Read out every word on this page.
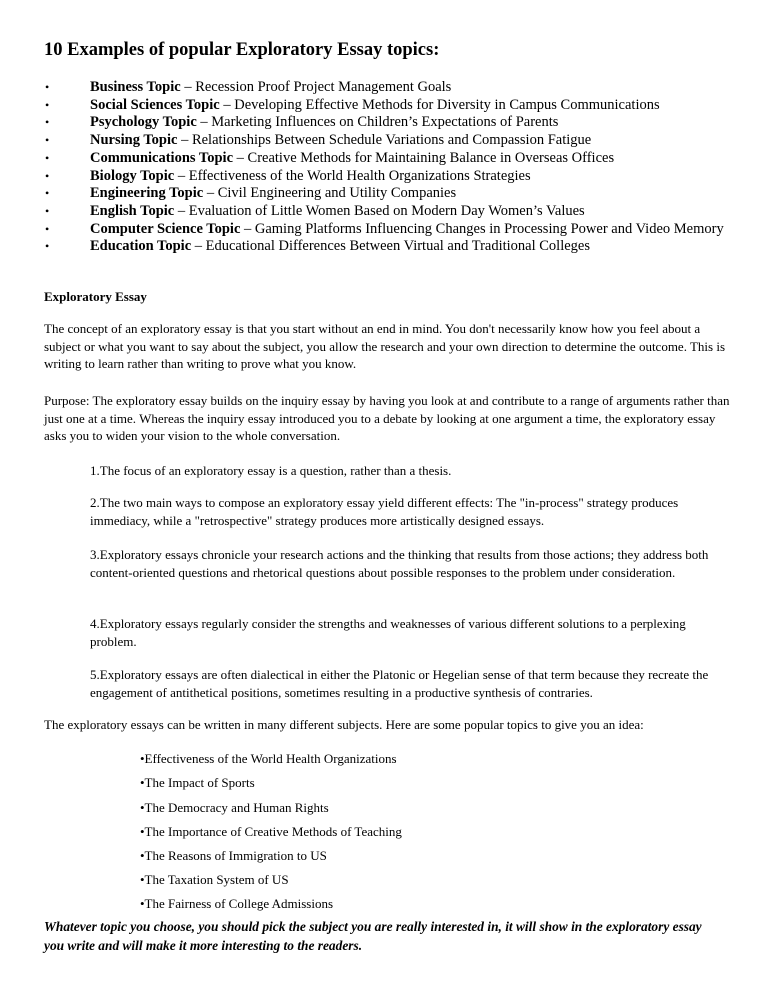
10 Examples of popular Exploratory Essay topics:
•	Business Topic – Recession Proof Project Management Goals
•	Social Sciences Topic – Developing Effective Methods for Diversity in Campus Communications
•	Psychology Topic – Marketing Influences on Children’s Expectations of Parents
•	Nursing Topic – Relationships Between Schedule Variations and Compassion Fatigue
•	Communications Topic – Creative Methods for Maintaining Balance in Overseas Offices
•	Biology Topic – Effectiveness of the World Health Organizations Strategies
•	Engineering Topic – Civil Engineering and Utility Companies
•	English Topic – Evaluation of Little Women Based on Modern Day Women’s Values
•	Computer Science Topic – Gaming Platforms Influencing Changes in Processing Power and Video Memory
•	Education Topic – Educational Differences Between Virtual and Traditional Colleges

Exploratory Essay

The concept of an exploratory essay is that you start without an end in mind. You don't necessarily know how you feel about a subject or what you want to say about the subject, you allow the research and your own direction to determine the outcome. This is writing to learn rather than writing to prove what you know.

Purpose: The exploratory essay builds on the inquiry essay by having you look at and contribute to a range of arguments rather than just one at a time. Whereas the inquiry essay introduced you to a debate by looking at one argument a time, the exploratory essay asks you to widen your vision to the whole conversation.

1.The focus of an exploratory essay is a question, rather than a thesis.

2.The two main ways to compose an exploratory essay yield different effects: The "in-process" strategy produces immediacy, while a "retrospective" strategy produces more artistically designed essays.

3.Exploratory essays chronicle your research actions and the thinking that results from those actions; they address both content-oriented questions and rhetorical questions about possible responses to the problem under consideration.

4.Exploratory essays regularly consider the strengths and weaknesses of various different solutions to a perplexing problem.

5.Exploratory essays are often dialectical in either the Platonic or Hegelian sense of that term because they recreate the engagement of antithetical positions, sometimes resulting in a productive synthesis of contraries.

The exploratory essays can be written in many different subjects. Here are some popular topics to give you an idea:

•Effectiveness of the World Health Organizations

•The Impact of Sports

•The Democracy and Human Rights

•The Importance of Creative Methods of Teaching

•The Reasons of Immigration to US

•The Taxation System of US

•The Fairness of College Admissions

Whatever topic you choose, you should pick the subject you are really interested in, it will show in the exploratory essay you write and will make it more interesting to the readers.
